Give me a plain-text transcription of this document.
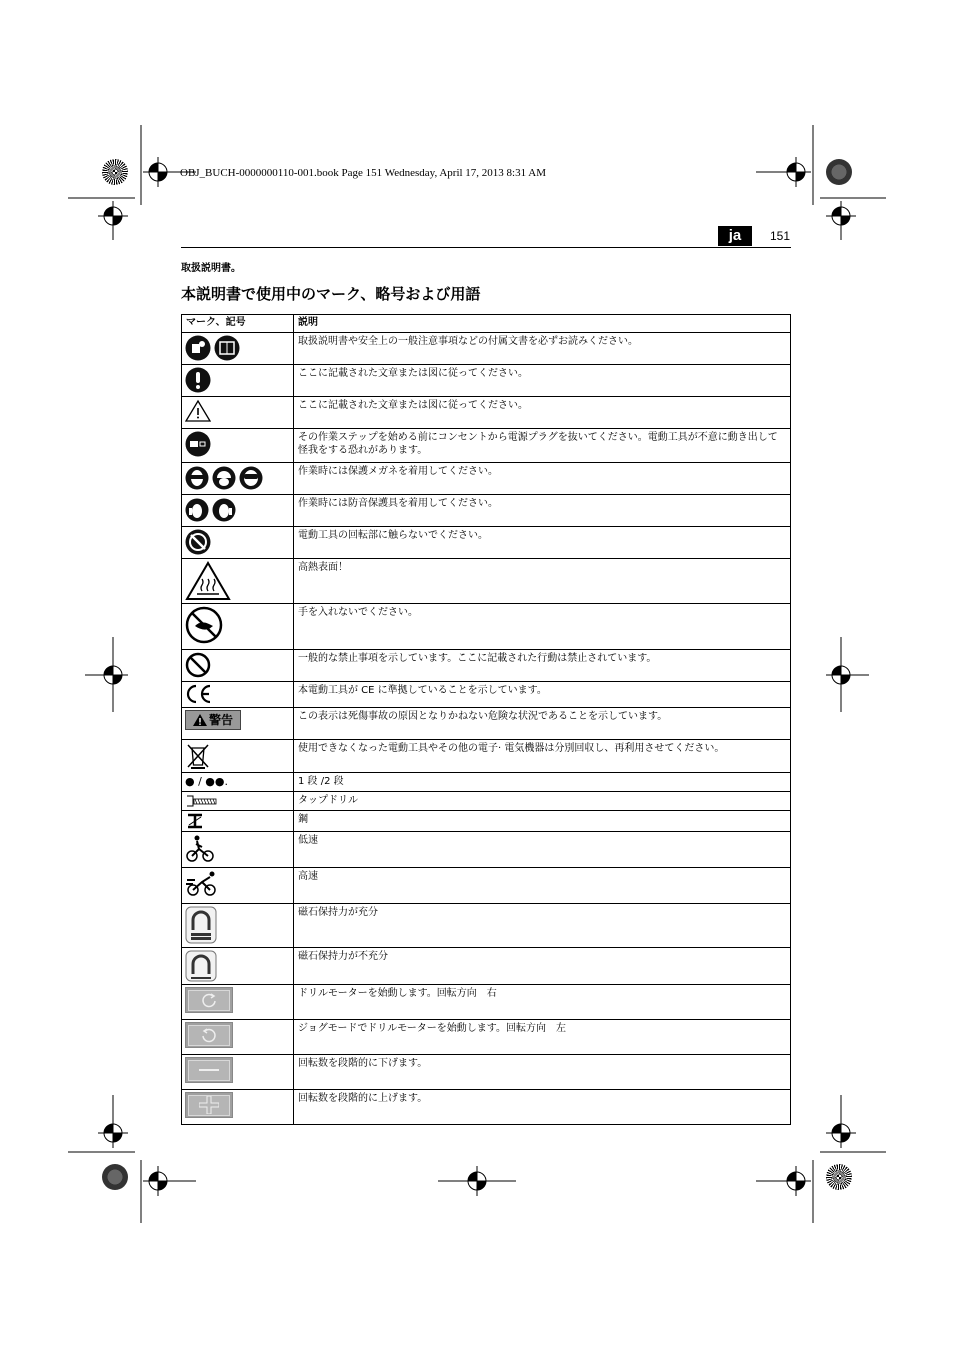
OBJ_BUCH-0000000110-001.book Page 151 Wednesday, April 17, 2013 8:31 AM
ja	151
取扱説明書。
本説明書で使用中のマーク、略号および用語
マーク、記号	説明

	取扱説明書や安全上の一般注意事項などの付属文書を必ずお読みください。

	ここに記載された文章または図に従ってください。

	ここに記載された文章または図に従ってください。

	その作業ステップを始める前にコンセントから電源プラグを抜いてください。電動工具が不意に動き出して怪我をする恐れがあります。

	作業時には保護メガネを着用してください。

	作業時には防音保護具を着用してください。

	電動工具の回転部に触らないでください。

	高熱表面！

	手を入れないでください。

	一般的な禁止事項を示しています。ここに記載された行動は禁止されています。

	本電動工具が CE に準拠していることを示しています。

警告	この表示は死傷事故の原因となりかねない危険な状況であることを示しています。

	使用できなくなった電動工具やその他の電子· 電気機器は分別回収し、再利用させてください。
● / ●●.	1 段 /2 段

	タップドリル

	鋼

	低速

	高速

	磁石保持力が充分

	磁石保持力が不充分

	ドリルモーターを始動します。回転方向　右

	ジョグモードでドリルモーターを始動します。回転方向　左

	回転数を段階的に下げます。

	回転数を段階的に上げます。
